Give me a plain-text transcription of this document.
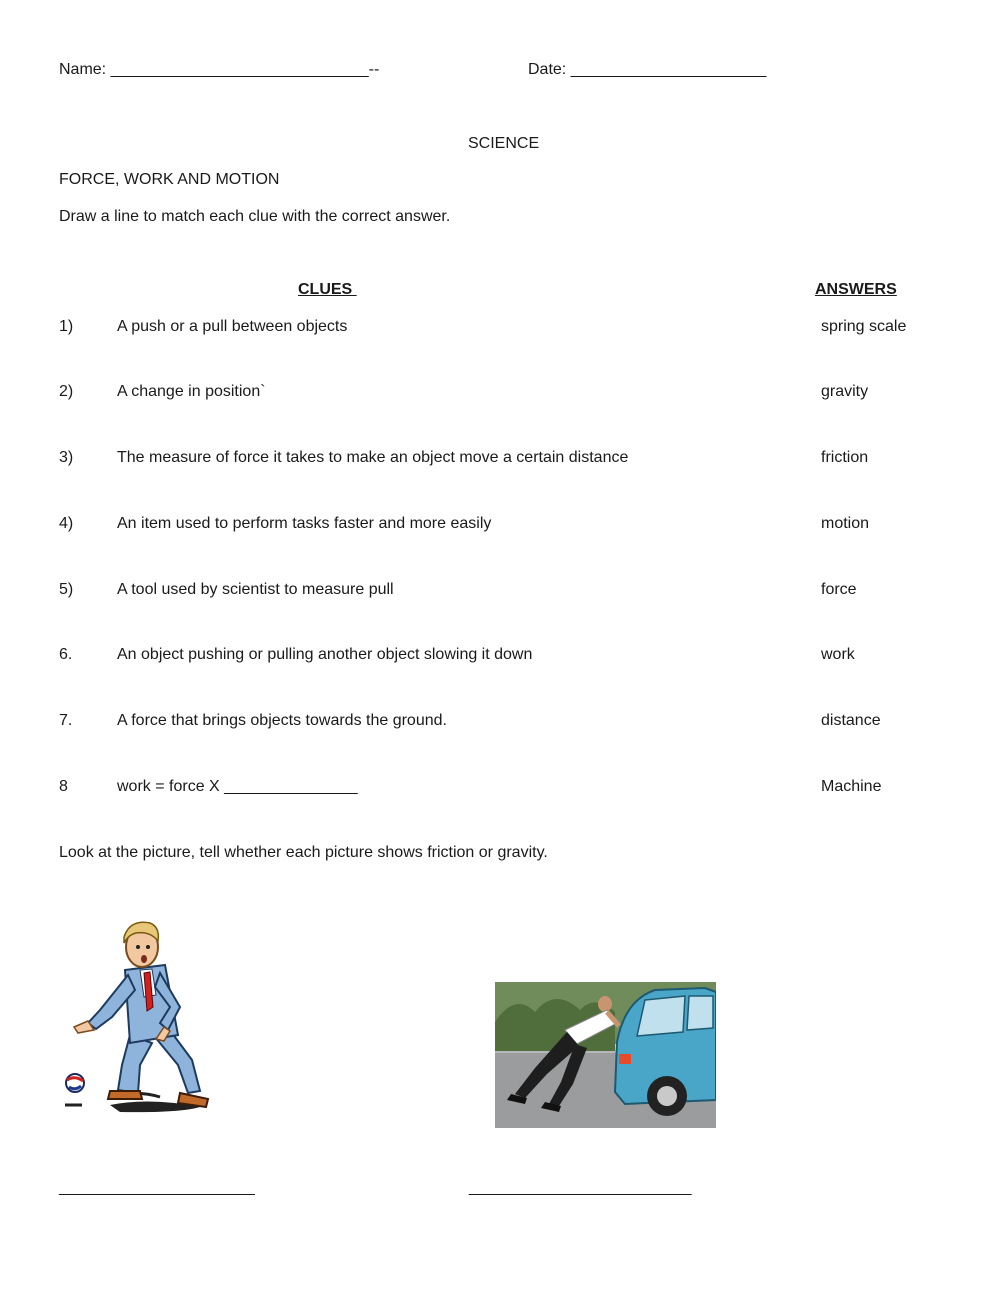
Name: _____________________________--	Date: ______________________
SCIENCE
FORCE, WORK AND MOTION
Draw a line to match each clue with the correct answer.
CLUES	ANSWERS
1)	A push or a pull between objects	spring scale
2)	A change in position`	gravity
3)	The measure of force it takes to make an object move a certain distance	friction
4)	An item used to perform tasks faster and more easily	motion
5)	A tool used by scientist to measure pull	force
6.	An object pushing or pulling another object slowing it down	work
7.	A force that brings objects towards the ground.	distance
8	work = force X _______________	Machine
Look at the picture, tell whether each picture shows friction or gravity.
______________________	_________________________
